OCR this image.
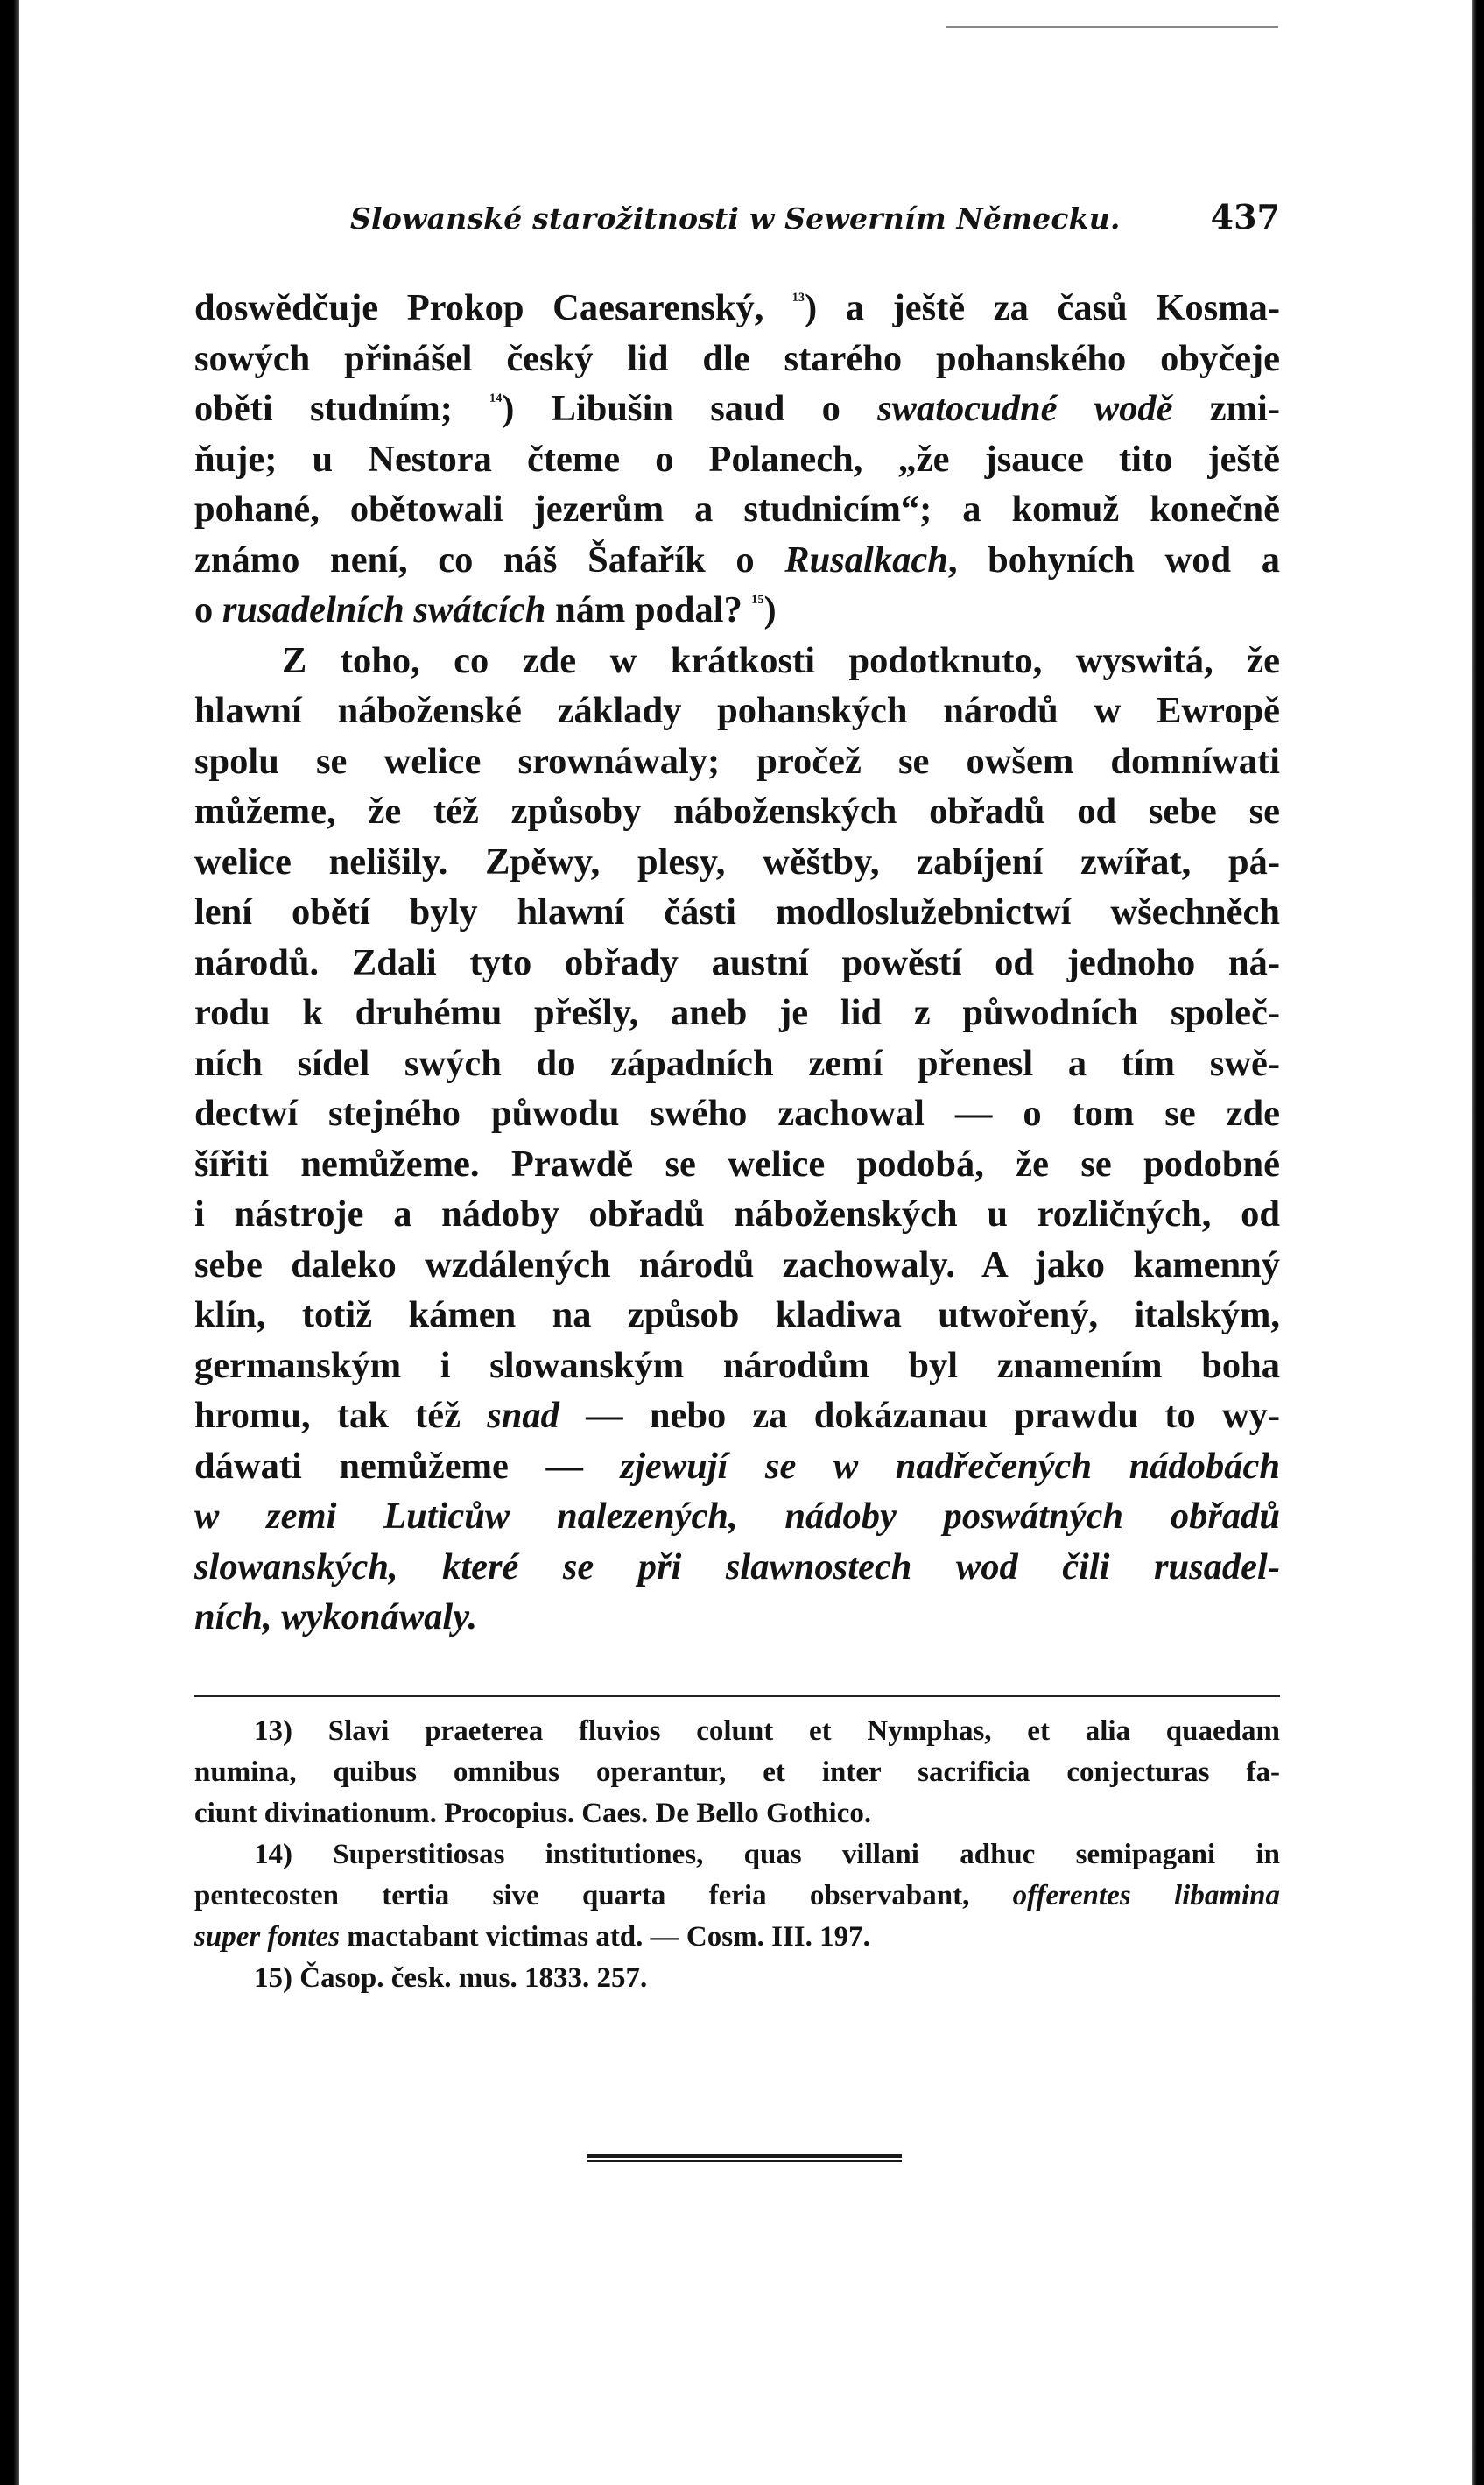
Slowanské starožitnosti w Sewerním Německu.	437
doswědčuje Prokop Caesarenský, $^{^{13}}$) a ještě za časů Kosma-
sowých přinášel český lid dle starého pohanského obyčeje
oběti studním; $^{^{14}}$) Libušin saud o swatocudné wodě zmi-
ňuje; u Nestora čteme o Polanech, „že jsauce tito ještě
pohané, obětowali jezerům a studnicím“; a komuž konečně
známo není, co náš Šafařík o Rusalkach, bohyních wod a
o rusadelních swátcích nám podal? $^{^{15}}$)
Z toho, co zde w krátkosti podotknuto, wyswitá, že
hlawní náboženské základy pohanských národů w Ewropě
spolu se welice srownáwaly; pročež se owšem domníwati
můžeme, že též způsoby náboženských obřadů od sebe se
welice nelišily. Zpěwy, plesy, wěštby, zabíjení zwířat, pá-
lení obětí byly hlawní části modloslužebnictwí wšechněch
národů. Zdali tyto obřady austní powěstí od jednoho ná-
rodu k druhému přešly, aneb je lid z půwodních společ-
ních sídel swých do západních zemí přenesl a tím swě-
dectwí stejného půwodu swého zachowal — o tom se zde
šířiti nemůžeme. Prawdě se welice podobá, že se podobné
i nástroje a nádoby obřadů náboženských u rozličných, od
sebe daleko wzdálených národů zachowaly. A jako kamenný
klín, totiž kámen na způsob kladiwa utwořený, italským,
germanským i slowanským národům byl znamením boha
hromu, tak též snad — nebo za dokázanau prawdu to wy-
dáwati nemůžeme — zjewují se w nadřečených nádobách
w zemi Luticůw nalezených, nádoby poswátných obřadů
slowanských, které se při slawnostech wod čili rusadel-
ních, wykonáwaly.
13) Slavi praeterea fluvios colunt et Nymphas, et alia quaedam
numina, quibus omnibus operantur, et inter sacrificia conjecturas fa-
ciunt divinationum. Procopius. Caes. De Bello Gothico.
14) Superstitiosas institutiones, quas villani adhuc semipagani in
pentecosten tertia sive quarta feria observabant, offerentes libamina
super fontes mactabant victimas atd. — Cosm. III. 197.
15) Časop. česk. mus. 1833. 257.
